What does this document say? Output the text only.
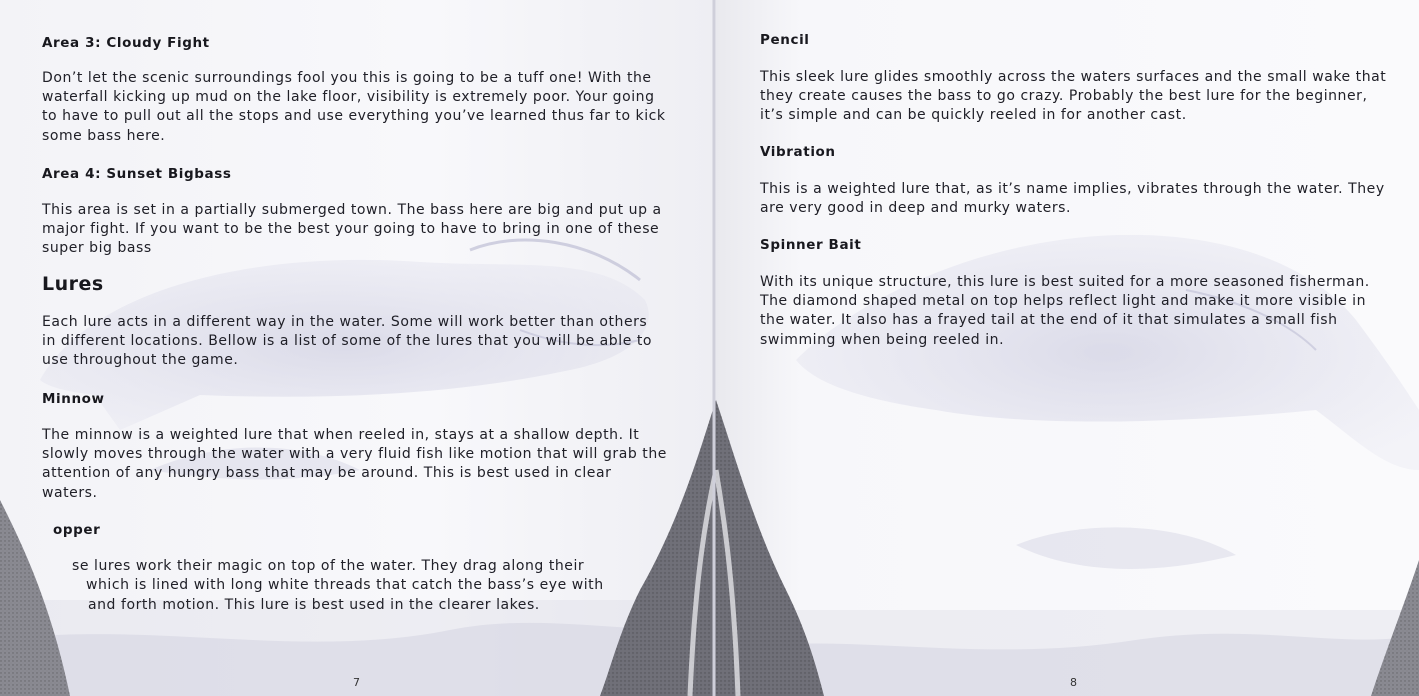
Area 3: Cloudy Fight

Don’t let the scenic surroundings fool you this is going to be a tuff one! With the waterfall kicking up mud on the lake floor, visibility is extremely poor. Your going to have to pull out all the stops and use everything you’ve learned thus far to kick some bass here.

Area 4: Sunset Bigbass

This area is set in a partially submerged town. The bass here are big and put up a major fight. If you want to be the best your going to have to bring in one of these super big bass

Lures

Each lure acts in a different way in the water. Some will work better than others in different locations. Bellow is a list of some of the lures that you will be able to use throughout the game.

Minnow

The minnow is a weighted lure that when reeled in, stays at a shallow depth. It slowly moves through the water with a very fluid fish like motion that will grab the attention of any hungry bass that may be around. This is best used in clear waters.

opper

se lures work their magic on top of the water. They drag along their

which is lined with long white threads that catch the bass’s eye with

and forth motion. This lure is best used in the clearer lakes.

7
Pencil

This sleek lure glides smoothly across the waters surfaces and the small wake that they create causes the bass to go crazy. Probably the best lure for the beginner, it’s simple and can be quickly reeled in for another cast.

Vibration

This is a weighted lure that, as it’s name implies, vibrates through the water. They are very good in deep and murky waters.

Spinner Bait

With its unique structure, this lure is best suited for a more seasoned fisherman. The diamond shaped metal on top helps reflect light and make it more visible in the water. It also has a frayed tail at the end of it that simulates a small fish swimming when being reeled in.

8
